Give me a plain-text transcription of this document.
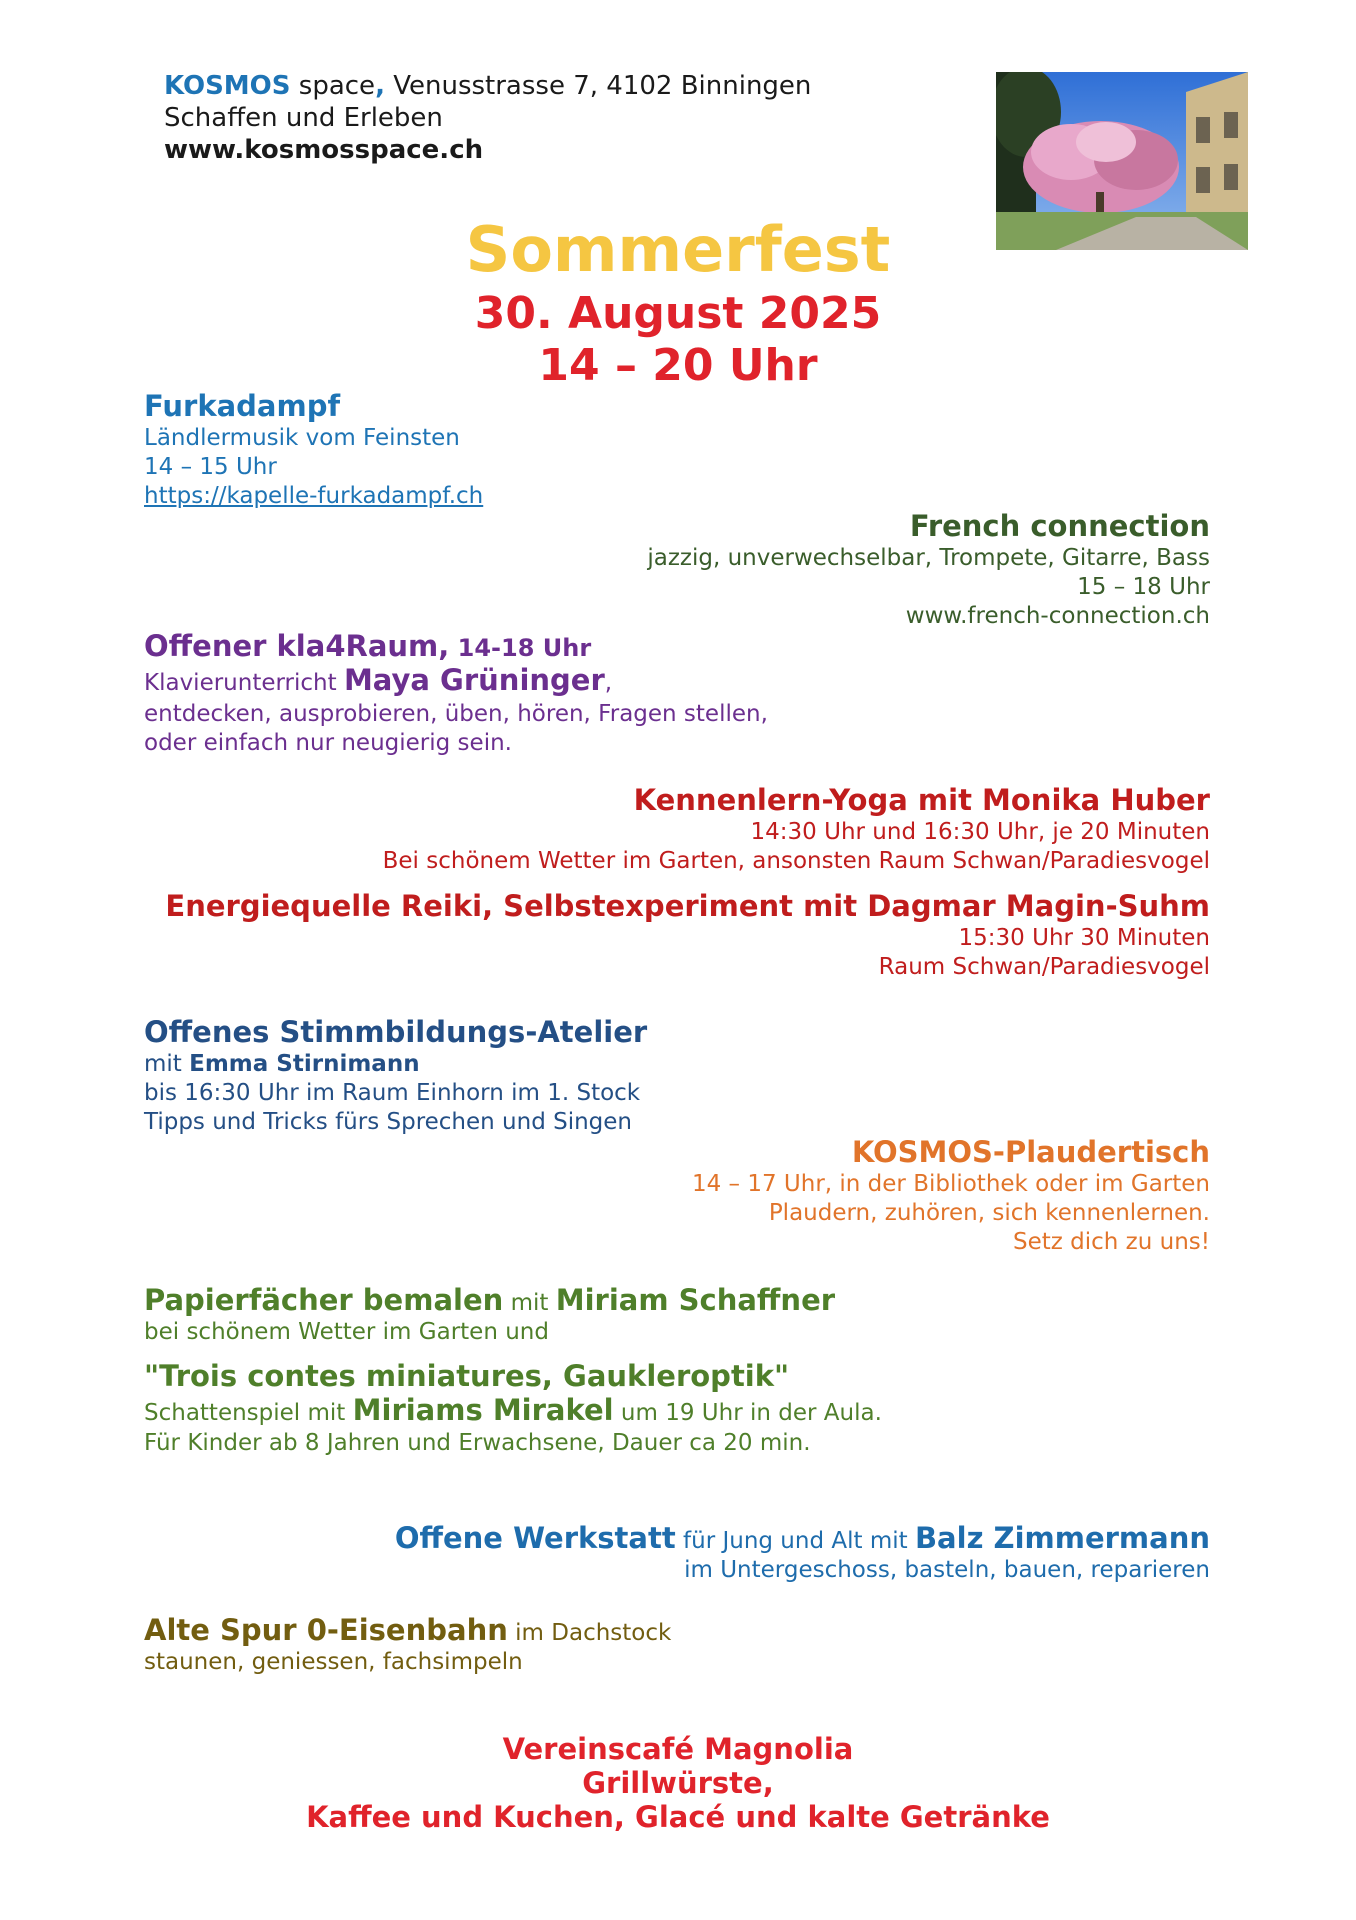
KOSMOS space, Venusstrasse 7, 4102 Binningen
Schaffen und Erleben
www.kosmosspace.ch
Sommerfest
30. August 2025
14 – 20 Uhr
Furkadampf
Ländlermusik vom Feinsten
14 – 15 Uhr
https://kapelle-furkadampf.ch
French connection
jazzig, unverwechselbar, Trompete, Gitarre, Bass
15 – 18 Uhr
www.french-connection.ch
Offener kla4Raum, 14-18 Uhr
Klavierunterricht Maya Grüninger,
entdecken, ausprobieren, üben, hören, Fragen stellen,
oder einfach nur neugierig sein.
Kennenlern-Yoga mit Monika Huber
14:30 Uhr und 16:30 Uhr, je 20 Minuten
Bei schönem Wetter im Garten, ansonsten Raum Schwan/Paradiesvogel
Energiequelle Reiki, Selbstexperiment mit Dagmar Magin-Suhm
15:30 Uhr 30 Minuten
Raum Schwan/Paradiesvogel
Offenes Stimmbildungs-Atelier
mit Emma Stirnimann
bis 16:30 Uhr im Raum Einhorn im 1. Stock
Tipps und Tricks fürs Sprechen und Singen
KOSMOS-Plaudertisch
14 – 17 Uhr, in der Bibliothek oder im Garten
Plaudern, zuhören, sich kennenlernen.
Setz dich zu uns!
Papierfächer bemalen mit Miriam Schaffner
bei schönem Wetter im Garten und
"Trois contes miniatures, Gaukleroptik"
Schattenspiel mit Miriams Mirakel um 19 Uhr in der Aula.
Für Kinder ab 8 Jahren und Erwachsene, Dauer ca 20 min.
Offene Werkstatt für Jung und Alt mit Balz Zimmermann
im Untergeschoss, basteln, bauen, reparieren
Alte Spur 0-Eisenbahn im Dachstock
staunen, geniessen, fachsimpeln
Vereinscafé Magnolia
Grillwürste,
Kaffee und Kuchen, Glacé und kalte Getränke
